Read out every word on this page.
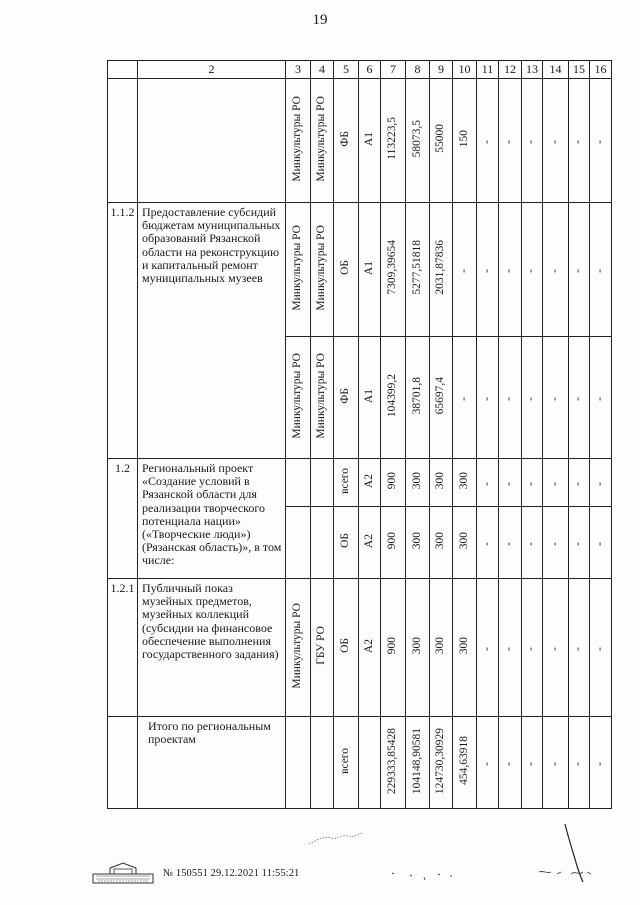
19
	2	3	4	5	6	7	8	9	10	11	12	13	14	15	16
		Минкультуры РО	Минкультуры РО	ФБ	А1	113223,5	58073,5	55000	150	-	-	-	-	-	-
1.1.2	Предоставление субсидий бюджетам муниципальных образований Рязанской области на реконструкцию и капитальный ремонт муниципальных музеев	Минкультуры РО	Минкультуры РО	ОБ	А1	7309,39654	5277,51818	2031,87836	-	-	-	-	-	-	-
		Минкультуры РО	Минкультуры РО	ФБ	А1	104399,2	38701,8	65697,4	-	-	-	-	-	-	-
1.2	Региональный проект «Создание условий в Рязанской области для реализации творческого потенциала нации» («Творческие люди») (Рязанская область)», в том числе:			всего	А2	900	300	300	300	-	-	-	-	-	-
				ОБ	А2	900	300	300	300	-	-	-	-	-	-
1.2.1	Публичный показ музейных предметов, музейных коллекций (субсидии на финансовое обеспечение выполнения государственного задания)	Минкультуры РО	ГБУ РО	ОБ	А2	900	300	300	300	-	-	-	-	-	-
	Итого по региональным проектам			всего		229333,85428	104148,90581	124730,30929	454,63918	-	-	-	-	-	-
№ 150551 29.12.2021 11:55:21
